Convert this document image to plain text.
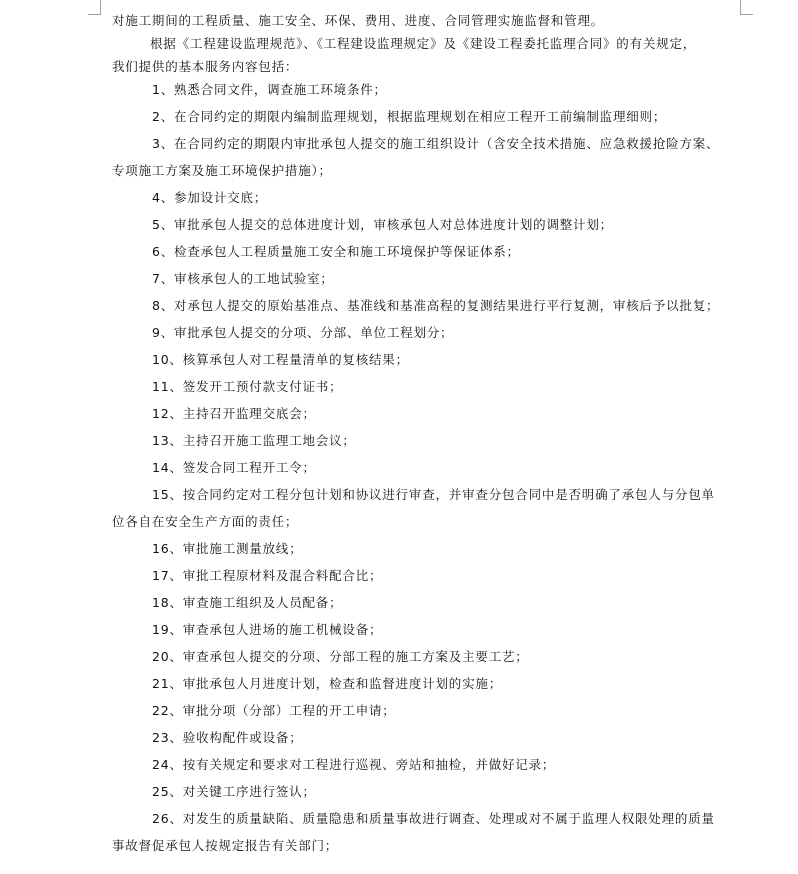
对施工期间的工程质量、施工安全、环保、费用、进度、合同管理实施监督和管理。
根据《工程建设监理规范》、《工程建设监理规定》及《建设工程委托监理合同》的有关规定，
我们提供的基本服务内容包括：
1、熟悉合同文件，调查施工环境条件；
2、在合同约定的期限内编制监理规划，根据监理规划在相应工程开工前编制监理细则；
3、在合同约定的期限内审批承包人提交的施工组织设计（含安全技术措施、应急救援抢险方案、
专项施工方案及施工环境保护措施）；
4、参加设计交底；
5、审批承包人提交的总体进度计划，审核承包人对总体进度计划的调整计划；
6、检查承包人工程质量施工安全和施工环境保护等保证体系；
7、审核承包人的工地试验室；
8、对承包人提交的原始基准点、基准线和基准高程的复测结果进行平行复测，审核后予以批复；
9、审批承包人提交的分项、分部、单位工程划分；
10、核算承包人对工程量清单的复核结果；
11、签发开工预付款支付证书；
12、主持召开监理交底会；
13、主持召开施工监理工地会议；
14、签发合同工程开工令；
15、按合同约定对工程分包计划和协议进行审查，并审查分包合同中是否明确了承包人与分包单
位各自在安全生产方面的责任；
16、审批施工测量放线；
17、审批工程原材料及混合料配合比；
18、审查施工组织及人员配备；
19、审查承包人进场的施工机械设备；
20、审查承包人提交的分项、分部工程的施工方案及主要工艺；
21、审批承包人月进度计划，检查和监督进度计划的实施；
22、审批分项（分部）工程的开工申请；
23、验收构配件或设备；
24、按有关规定和要求对工程进行巡视、旁站和抽检，并做好记录；
25、对关键工序进行签认；
26、对发生的质量缺陷、质量隐患和质量事故进行调查、处理或对不属于监理人权限处理的质量
事故督促承包人按规定报告有关部门；
